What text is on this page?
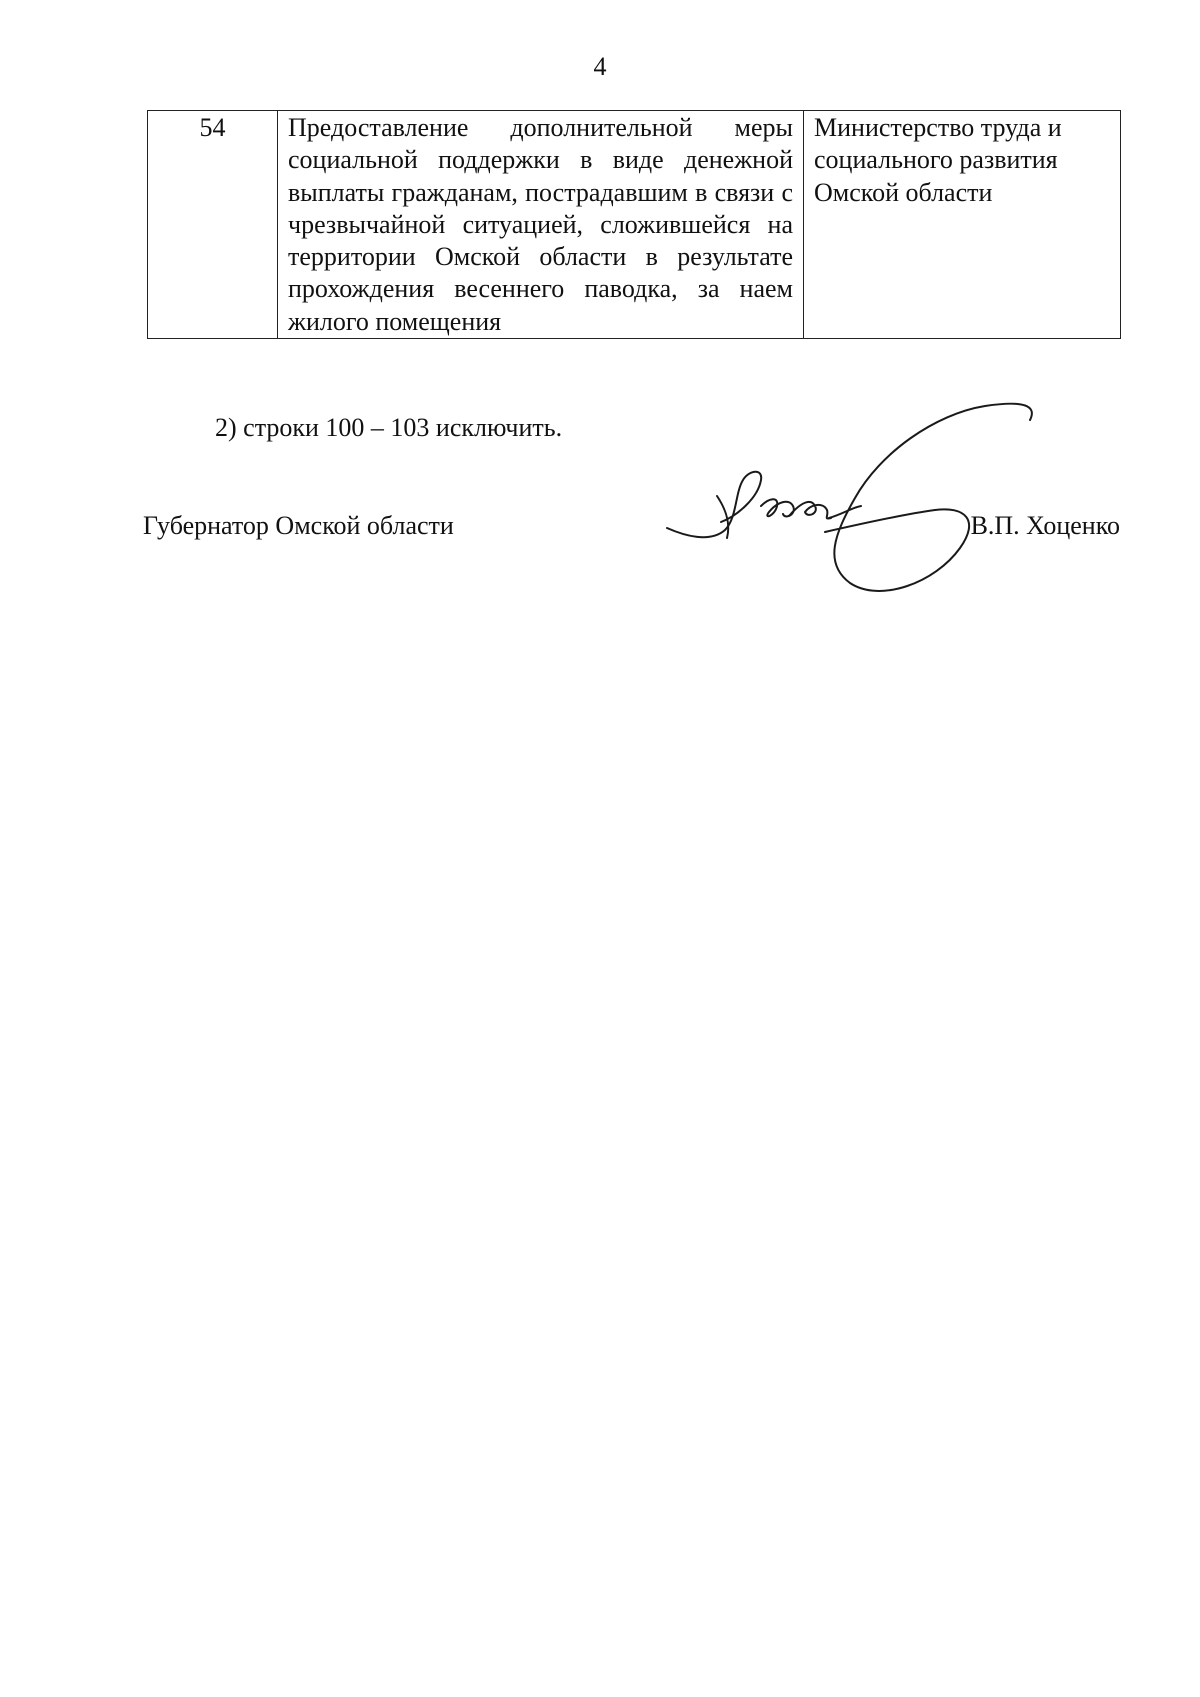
4
54	Предоставление дополнительной меры социальной поддержки в виде денежной выплаты гражданам, пострадавшим в связи с чрезвычайной ситуацией, сложившейся на территории Омской области в результате прохождения весеннего паводка, за наем жилого помещения	Министерство труда и социального развития Омской области
2) строки 100 – 103 исключить.
Губернатор Омской области	В.П. Хоценко
